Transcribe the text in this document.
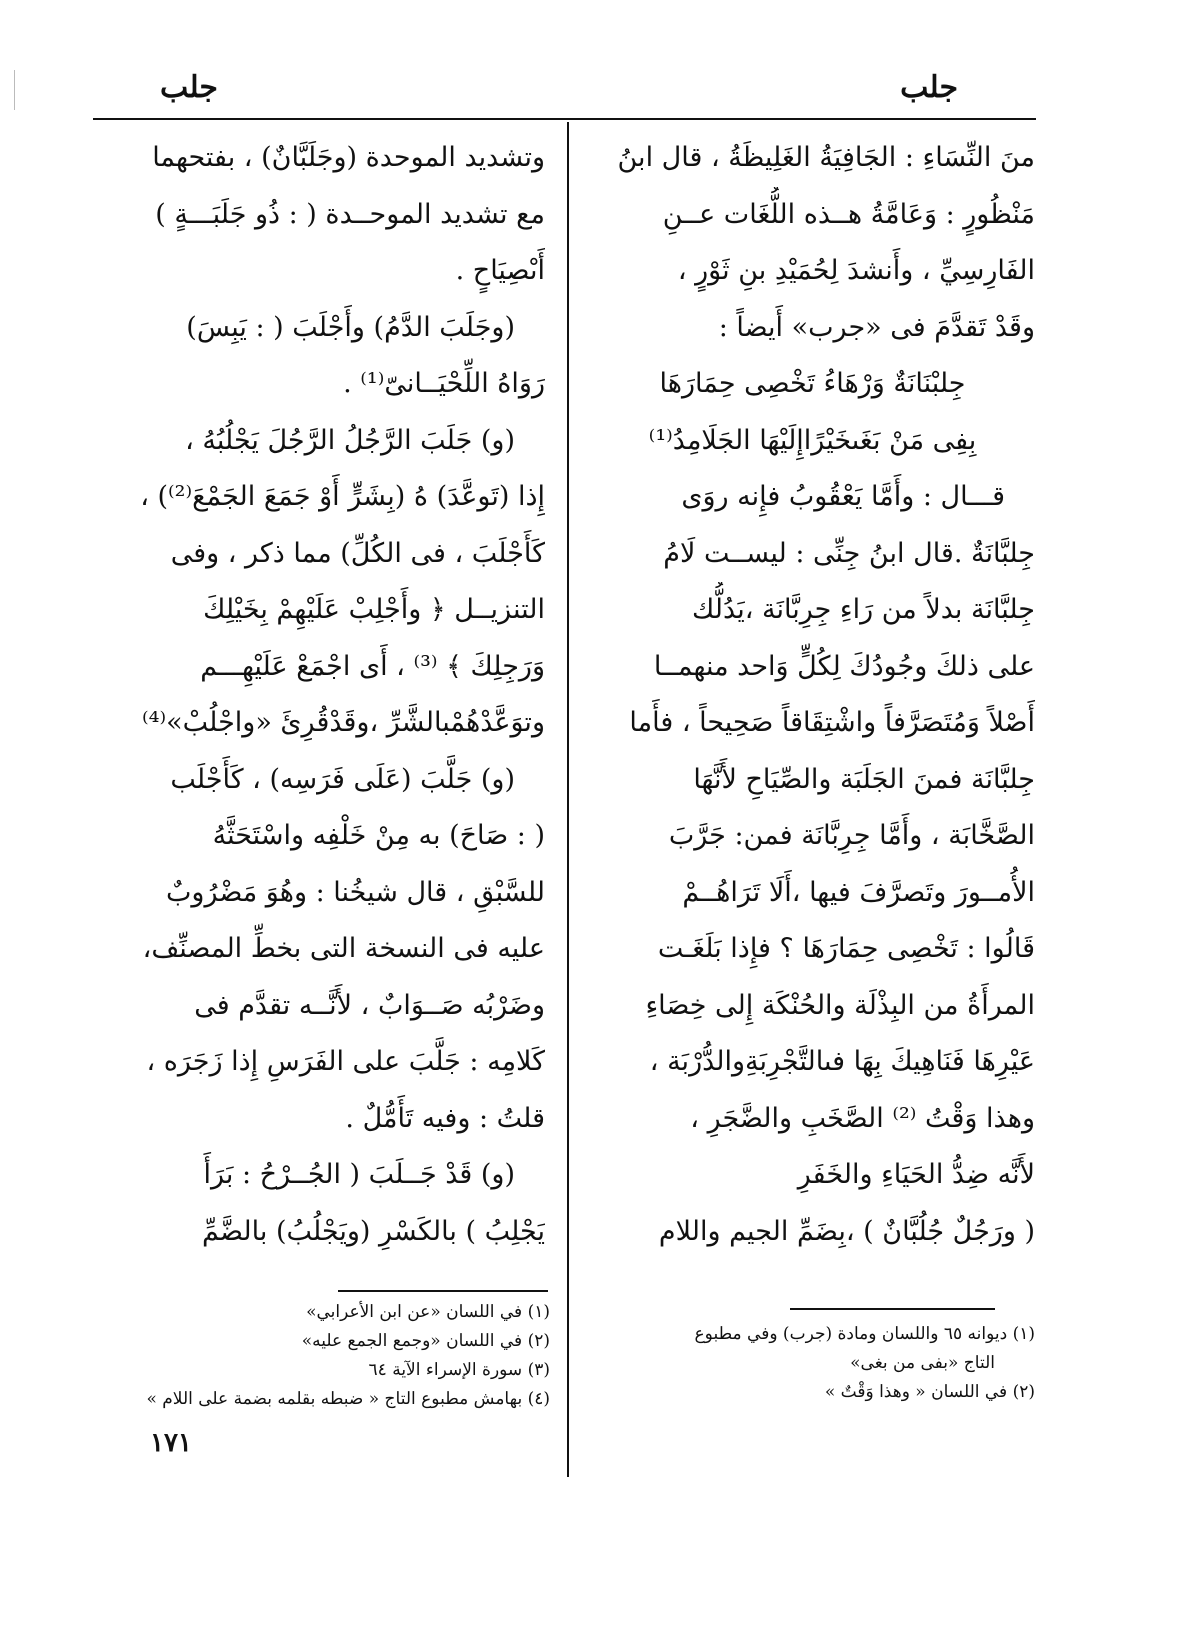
جلب	جلب
منَ النِّسَاءِ : الجَافِيَةُ الغَلِيظَةُ ، قال ابنُ
مَنْظُورٍ : وَعَامَّةُ هــذه اللُّغَات عــنِ
الفَارِسِيِّ ، وأَنشدَ لِحُمَيْدِ بنِ ثَوْرٍ ،
وقَدْ تَقدَّمَ فى «جرب» أَيضاً :
جِلبْنَانَةٌ وَرْهَاءُ تَخْصِى حِمَارَهَا
بِفِى مَنْ بَغَىخَيْرًاإِلَيْهَا الجَلَامِدُ⁽¹⁾
قـــال : وأَمَّا يَعْقُوبُ فإِنه روَى
جِلبَّانَةٌ .قال ابنُ جِنِّى : ليســت لَامُ
جِلبَّانَة بدلاً من رَاءِ جِرِبَّانَة ،يَدُلُّك
على ذلكَ وجُودُكَ لِكُلٍّ وَاحد منهمــا
أَصْلاً وَمُتَصَرَّفاً واشْتِقَاقاً صَحِيحاً ، فأَما
جِلبَّانَة فمنَ الجَلَبَة والصِّيَاحِ لأَنَّهَا
الصَّخَّابَة ، وأَمَّا جِرِبَّانَة فمن: جَرَّبَ
الأُمــورَ وتَصرَّفَ فيها ،أَلَا تَرَاهُــمْ
قَالُوا : تَخْصِى حِمَارَهَا ؟ فإِذا بَلَغَـت
المرأَةُ من البِذْلَة والحُنْكَة إِلى خِصَاءِ
عَيْرِهَا فَنَاهِيكَ بِهَا فىالتَّجْرِبَةِوالدُّرْبَة ،
وهذا وَقْتُ ⁽²⁾ الصَّخَبِ والضَّجَرِ ،
لأَنَّه ضِدُّ الحَيَاءِ والخَفَرِ
( ورَجُلٌ جُلُبَّانٌ ) ،بِضَمِّ الجيم واللام
وتشديد الموحدة (وجَلَبَّانٌ) ، بفتحهما
مع تشديد الموحــدة ( : ذُو جَلَبَـــةٍ )
أَىْصِيَاحٍ .
(وجَلَبَ الدَّمُ) وأَجْلَبَ ( : يَبِسَ)
رَوَاهُ اللِّحْيَــانىّ⁽¹⁾ .
(و) جَلَبَ الرَّجُلُ الرَّجُلَ يَجْلُبُهُ ،
إِذا (تَوعَّدَ) هُ (بِشَرٍّ أَوْ جَمَعَ الجَمْعَ⁽²⁾) ،
كَأَجْلَبَ ، فى الكُلِّ) مما ذكر ، وفى
التنزيــل ﴿ وأَجْلِبْ عَلَيْهِمْ بِخَيْلِكَ
وَرَجِلِكَ ﴾ ⁽³⁾ ، أَى اجْمَعْ عَلَيْهِـــم
وتوَعَّدْهُمْبالشَّرِّ ،وقَدْقُرِئَ «واجْلُبْ»⁽⁴⁾
(و) جَلَّبَ (عَلَى فَرَسِه) ، كَأَجْلَب
( : صَاحَ) به مِنْ خَلْفِه واسْتَحَثَّهُ
للسَّبْقِ ، قال شيخُنا : وهُوَ مَضْرُوبٌ
عليه فى النسخة التى بخطِّ المصنِّف،
وضَرْبُه صَــوَابٌ ، لأَنَّــه تقدَّم فى
كَلامِه : جَلَّبَ على الفَرَسِ إِذا زَجَرَه ،
قلتُ : وفيه تَأَمُّلٌ .
(و) قَدْ جَــلَبَ ( الجُــرْحُ : بَرَأَ
يَجْلِبُ ) بالكَسْرِ (ويَجْلُبُ) بالضَّمِّ
(١) ديوانه ٦٥ واللسان ومادة (جرب) وفي مطبوع
التاج «بفى من بغى»
(٢) في اللسان « وهذا وَقْتٌ »
(١) في اللسان «عن ابن الأعرابي»
(٢) في اللسان «وجمع الجمع عليه»
(٣) سورة الإسراء الآية ٦٤
(٤) بهامش مطبوع التاج « ضبطه بقلمه بضمة على اللام »
١٧١
